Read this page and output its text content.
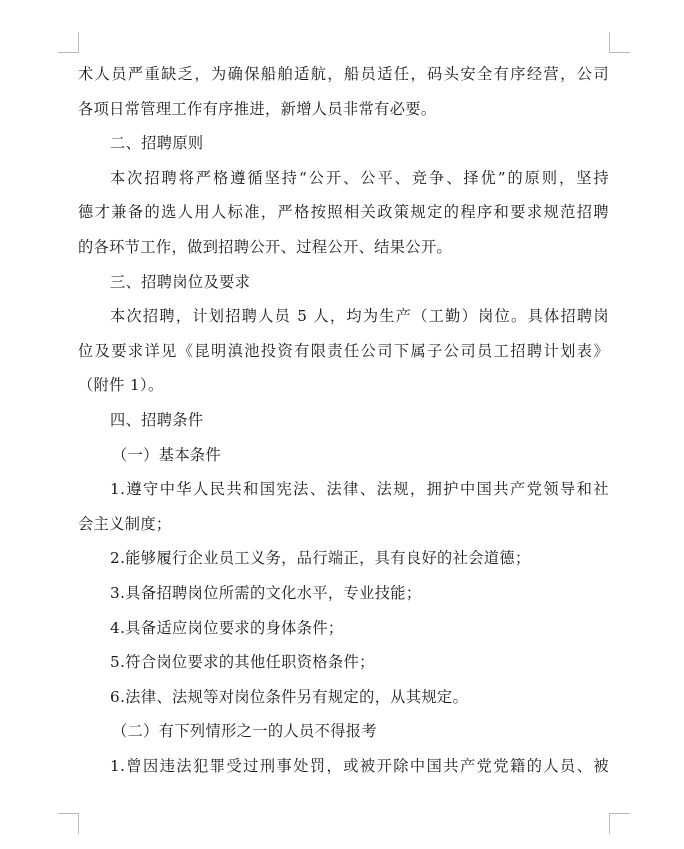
术人员严重缺乏，为确保船舶适航，船员适任，码头安全有序经营，公司
各项日常管理工作有序推进，新增人员非常有必要。
二、招聘原则
本次招聘将严格遵循坚持“公开、公平、竞争、择优”的原则，坚持
德才兼备的选人用人标准，严格按照相关政策规定的程序和要求规范招聘
的各环节工作，做到招聘公开、过程公开、结果公开。
三、招聘岗位及要求
本次招聘，计划招聘人员 5 人，均为生产（工勤）岗位。具体招聘岗
位及要求详见《昆明滇池投资有限责任公司下属子公司员工招聘计划表》
（附件 1）。
四、招聘条件
（一）基本条件
1.遵守中华人民共和国宪法、法律、法规，拥护中国共产党领导和社
会主义制度；
2.能够履行企业员工义务，品行端正，具有良好的社会道德；
3.具备招聘岗位所需的文化水平，专业技能；
4.具备适应岗位要求的身体条件；
5.符合岗位要求的其他任职资格条件；
6.法律、法规等对岗位条件另有规定的，从其规定。
（二）有下列情形之一的人员不得报考
1.曾因违法犯罪受过刑事处罚，或被开除中国共产党党籍的人员、被
